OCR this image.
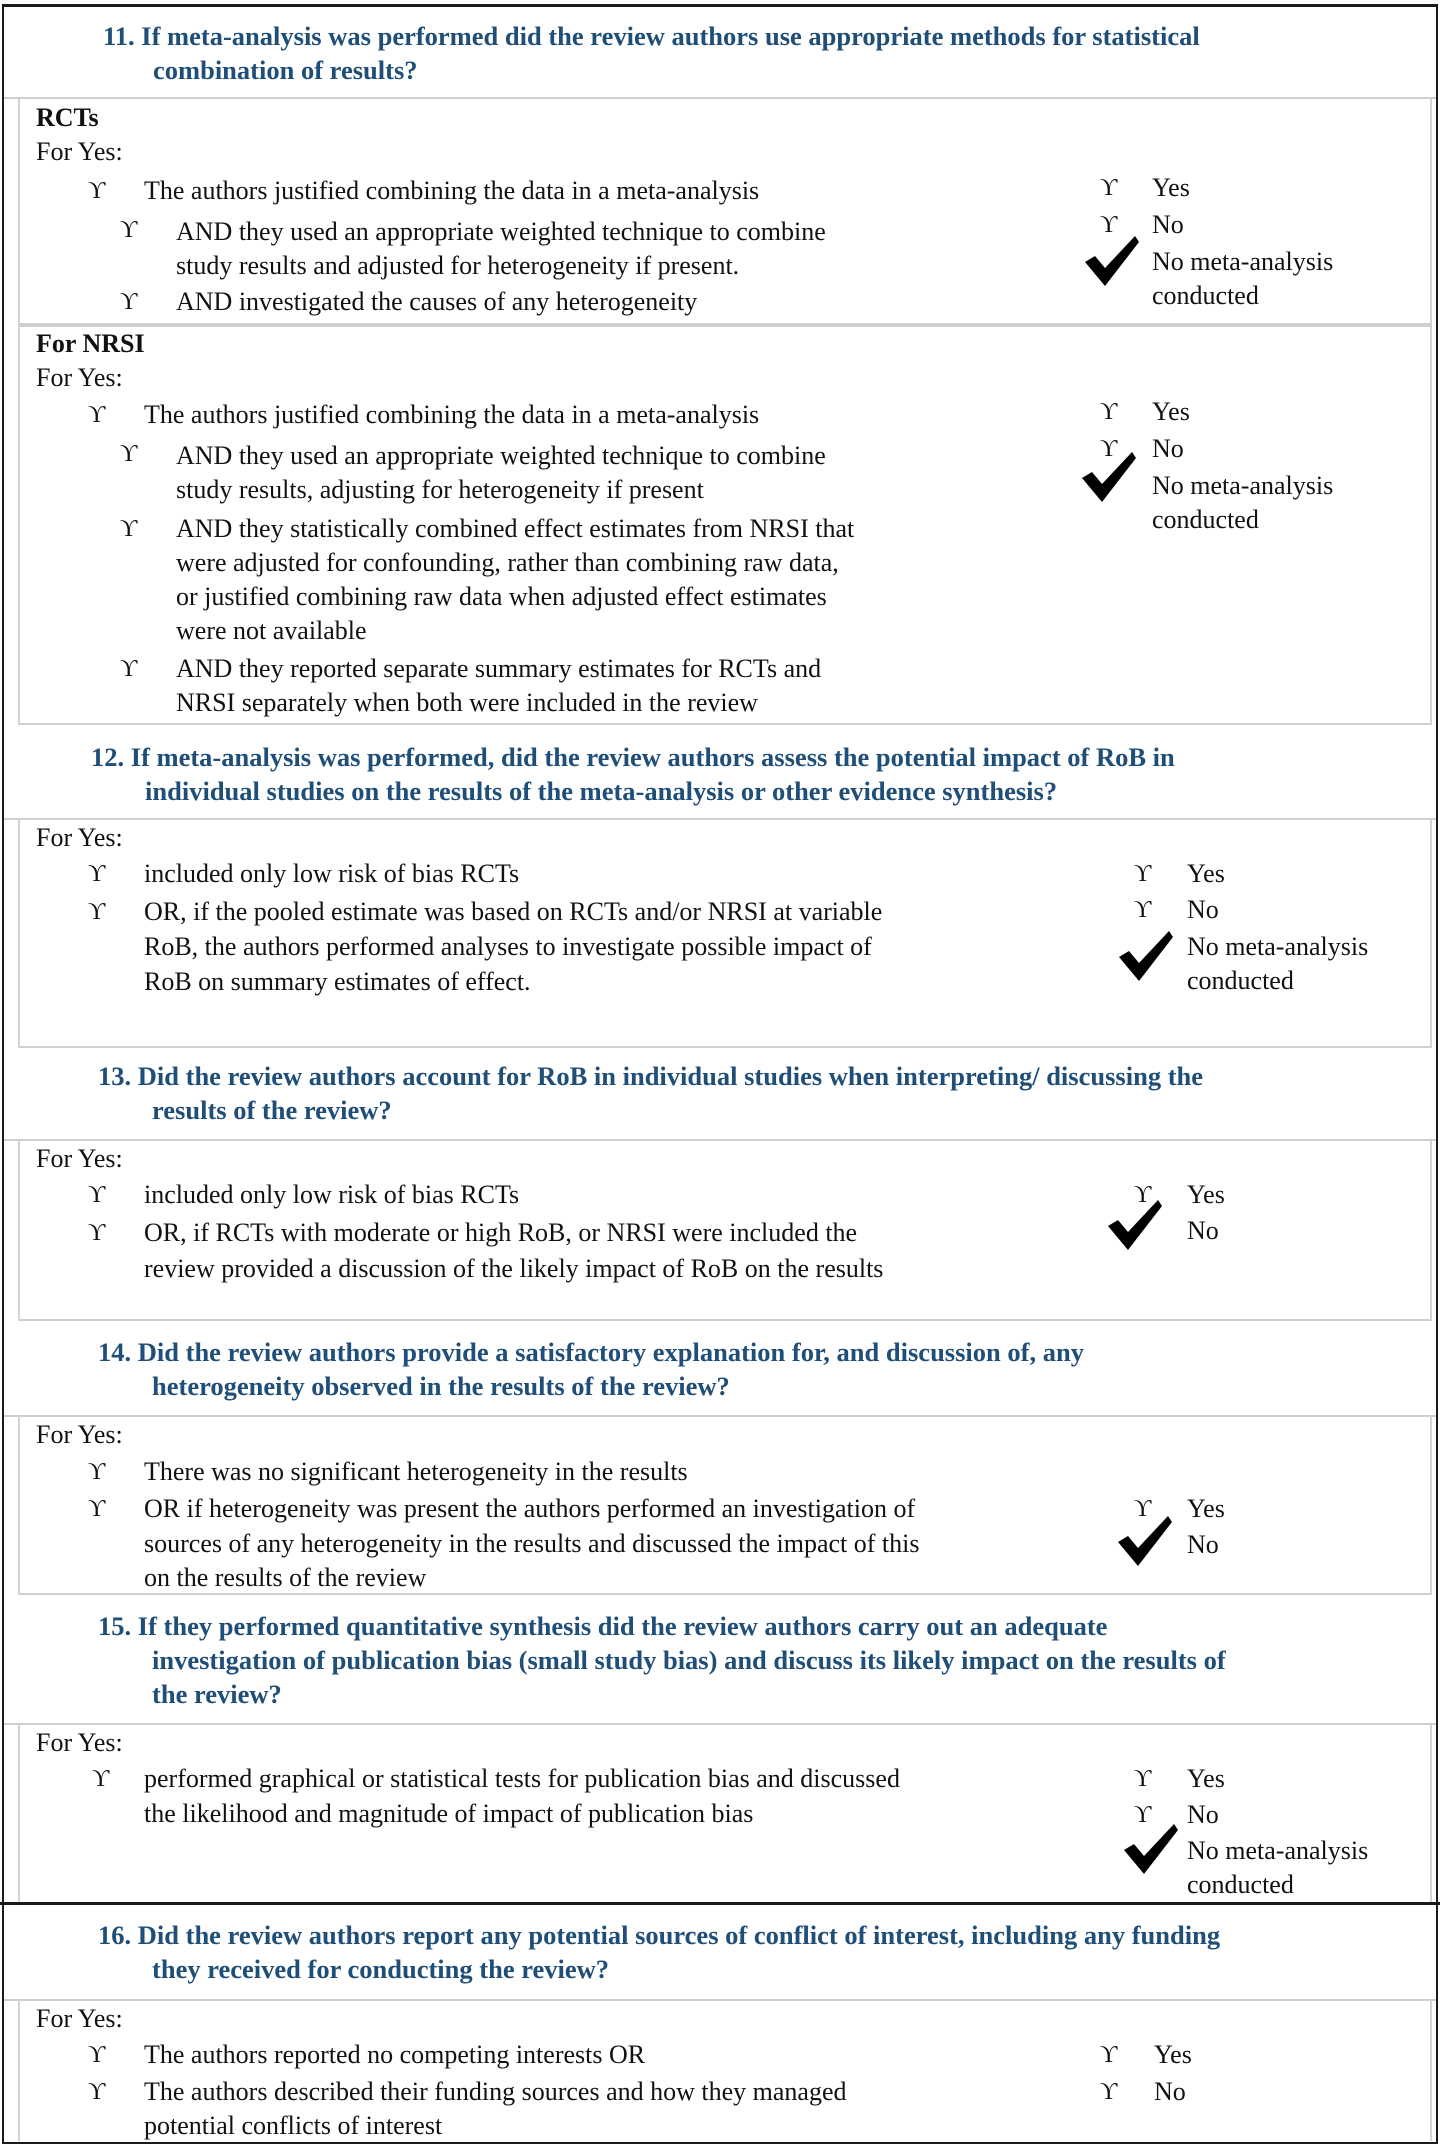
11. If meta-analysis was performed did the review authors use appropriate methods for statistical
combination of results?
RCTs
For Yes:
ϒ The authors justified combining the data in a meta-analysis
ϒ AND they used an appropriate weighted technique to combine
study results and adjusted for heterogeneity if present.
ϒ AND investigated the causes of any heterogeneity
ϒ Yes
ϒ No
No meta-analysis
conducted
For NRSI
For Yes:
ϒ The authors justified combining the data in a meta-analysis
ϒ AND they used an appropriate weighted technique to combine
study results, adjusting for heterogeneity if present
ϒ AND they statistically combined effect estimates from NRSI that
were adjusted for confounding, rather than combining raw data,
or justified combining raw data when adjusted effect estimates
were not available
ϒ AND they reported separate summary estimates for RCTs and
NRSI separately when both were included in the review
ϒ Yes
ϒ No
No meta-analysis
conducted
12. If meta-analysis was performed, did the review authors assess the potential impact of RoB in
individual studies on the results of the meta-analysis or other evidence synthesis?
For Yes:
ϒ included only low risk of bias RCTs
ϒ OR, if the pooled estimate was based on RCTs and/or NRSI at variable
RoB, the authors performed analyses to investigate possible impact of
RoB on summary estimates of effect.
ϒ Yes
ϒ No
No meta-analysis
conducted
13. Did the review authors account for RoB in individual studies when interpreting/ discussing the
results of the review?
For Yes:
ϒ included only low risk of bias RCTs
ϒ OR, if RCTs with moderate or high RoB, or NRSI were included the
review provided a discussion of the likely impact of RoB on the results
ϒ Yes
No
14. Did the review authors provide a satisfactory explanation for, and discussion of, any
heterogeneity observed in the results of the review?
For Yes:
ϒ There was no significant heterogeneity in the results
ϒ OR if heterogeneity was present the authors performed an investigation of
sources of any heterogeneity in the results and discussed the impact of this
on the results of the review
ϒ Yes
No
15. If they performed quantitative synthesis did the review authors carry out an adequate
investigation of publication bias (small study bias) and discuss its likely impact on the results of
the review?
For Yes:
ϒ performed graphical or statistical tests for publication bias and discussed
the likelihood and magnitude of impact of publication bias
ϒ Yes
ϒ No
No meta-analysis
conducted
16. Did the review authors report any potential sources of conflict of interest, including any funding
they received for conducting the review?
For Yes:
ϒ The authors reported no competing interests OR
ϒ The authors described their funding sources and how they managed
potential conflicts of interest
ϒ Yes
ϒ No
